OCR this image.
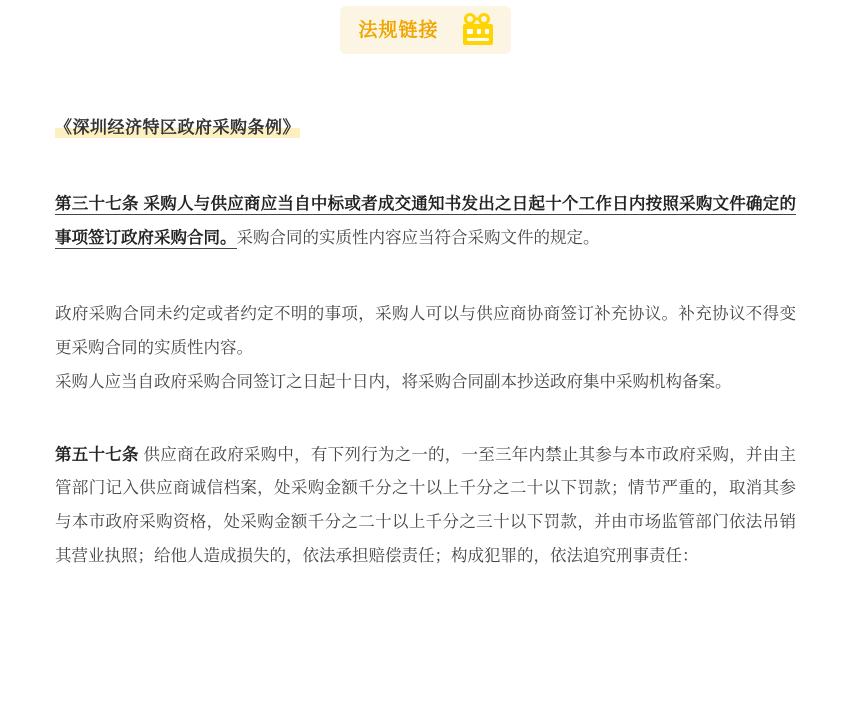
法规链接
《深圳经济特区政府采购条例》

第三十七条 采购人与供应商应当自中标或者成交通知书发出之日起十个工作日内按照采购文件确定的事项签订政府采购合同。采购合同的实质性内容应当符合采购文件的规定。

政府采购合同未约定或者约定不明的事项，采购人可以与供应商协商签订补充协议。补充协议不得变更采购合同的实质性内容。

采购人应当自政府采购合同签订之日起十日内，将采购合同副本抄送政府集中采购机构备案。

第五十七条 供应商在政府采购中，有下列行为之一的，一至三年内禁止其参与本市政府采购，并由主管部门记入供应商诚信档案，处采购金额千分之十以上千分之二十以下罚款；情节严重的，取消其参与本市政府采购资格，处采购金额千分之二十以上千分之三十以下罚款，并由市场监管部门依法吊销其营业执照；给他人造成损失的，依法承担赔偿责任；构成犯罪的，依法追究刑事责任：
